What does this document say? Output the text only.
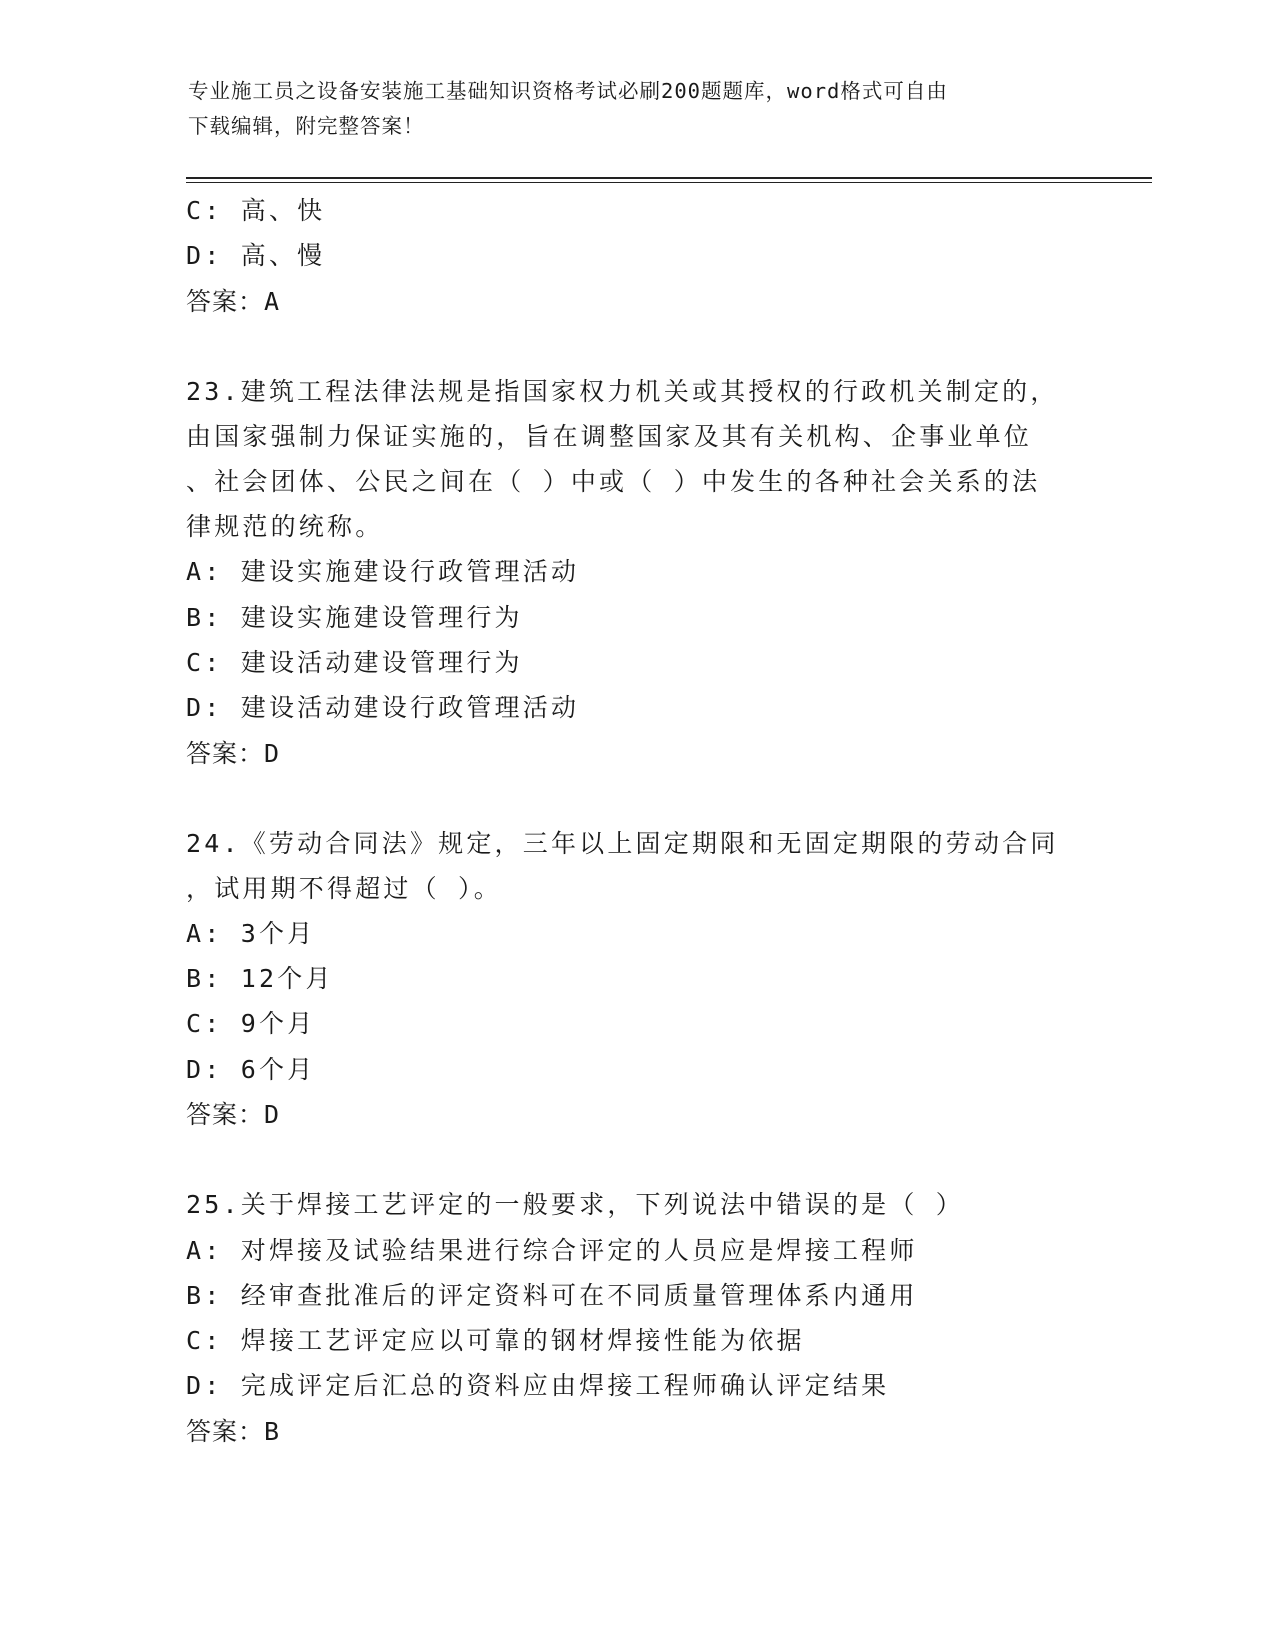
专业施工员之设备安装施工基础知识资格考试必刷200题题库，word格式可自由
下载编辑，附完整答案！
C: 高、快
D: 高、慢
答案：A
23.建筑工程法律法规是指国家权力机关或其授权的行政机关制定的，
由国家强制力保证实施的，旨在调整国家及其有关机构、企事业单位
、社会团体、公民之间在（ ）中或（ ）中发生的各种社会关系的法
律规范的统称。
A: 建设实施建设行政管理活动
B: 建设实施建设管理行为
C: 建设活动建设管理行为
D: 建设活动建设行政管理活动
答案：D
24.《劳动合同法》规定，三年以上固定期限和无固定期限的劳动合同
，试用期不得超过（ ）。
A: 3个月
B: 12个月
C: 9个月
D: 6个月
答案：D
25.关于焊接工艺评定的一般要求，下列说法中错误的是（ ）
A: 对焊接及试验结果进行综合评定的人员应是焊接工程师
B: 经审查批准后的评定资料可在不同质量管理体系内通用
C: 焊接工艺评定应以可靠的钢材焊接性能为依据
D: 完成评定后汇总的资料应由焊接工程师确认评定结果
答案：B
